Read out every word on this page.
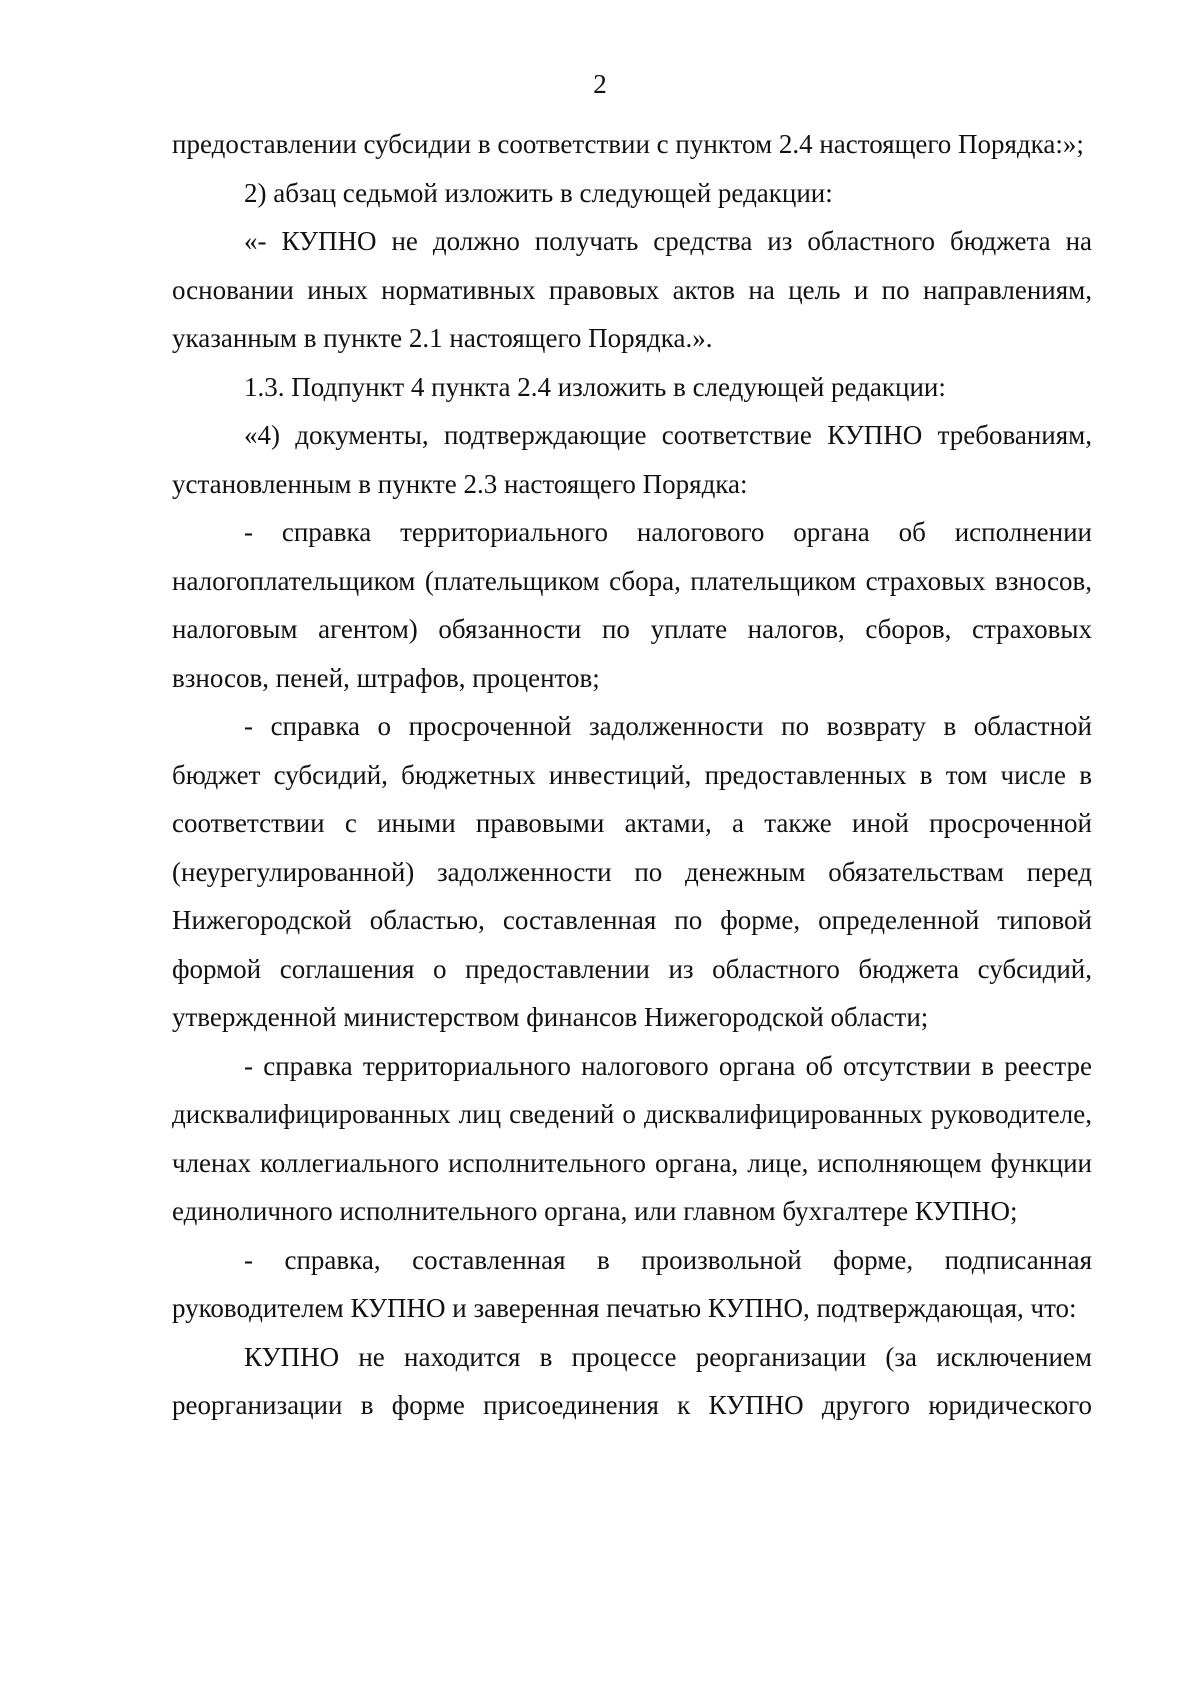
2

предоставлении субсидии в соответствии с пунктом 2.4 настоящего Порядка:»;

2) абзац седьмой изложить в следующей редакции:

«- КУПНО не должно получать средства из областного бюджета на основании иных нормативных правовых актов на цель и по направлениям, указанным в пункте 2.1 настоящего Порядка.».

1.3. Подпункт 4 пункта 2.4 изложить в следующей редакции:

«4) документы, подтверждающие соответствие КУПНО требованиям, установленным в пункте 2.3 настоящего Порядка:

- справка территориального налогового органа об исполнении налогоплательщиком (плательщиком сбора, плательщиком страховых взносов, налоговым агентом) обязанности по уплате налогов, сборов, страховых взносов, пеней, штрафов, процентов;

- справка о просроченной задолженности по возврату в областной бюджет субсидий, бюджетных инвестиций, предоставленных в том числе в соответствии с иными правовыми актами, а также иной просроченной (неурегулированной) задолженности по денежным обязательствам перед Нижегородской областью, составленная по форме, определенной типовой формой соглашения о предоставлении из областного бюджета субсидий, утвержденной министерством финансов Нижегородской области;

- справка территориального налогового органа об отсутствии в реестре дисквалифицированных лиц сведений о дисквалифицированных руководителе, членах коллегиального исполнительного органа, лице, исполняющем функции единоличного исполнительного органа, или главном бухгалтере КУПНО;

- справка, составленная в произвольной форме, подписанная руководителем КУПНО и заверенная печатью КУПНО, подтверждающая, что:

КУПНО не находится в процессе реорганизации (за исключением реорганизации в форме присоединения к КУПНО другого юридического
